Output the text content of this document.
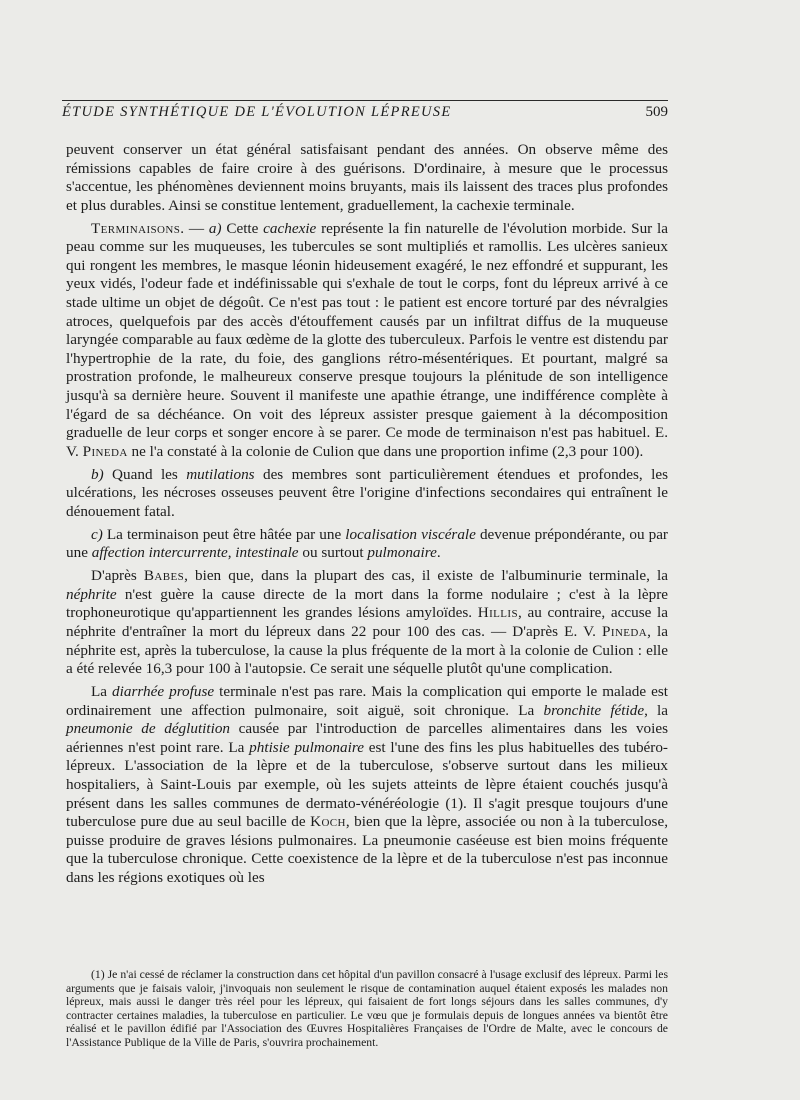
ÉTUDE SYNTHÉTIQUE DE L'ÉVOLUTION LÉPREUSE	509

peuvent conserver un état général satisfaisant pendant des années. On observe même des rémissions capables de faire croire à des guérisons. D'ordinaire, à mesure que le processus s'accentue, les phénomènes deviennent moins bruyants, mais ils laissent des traces plus profondes et plus durables. Ainsi se constitue lentement, graduellement, la cachexie terminale.

Terminaisons. — a) Cette cachexie représente la fin naturelle de l'évolution morbide. Sur la peau comme sur les muqueuses, les tubercules se sont multipliés et ramollis. Les ulcères sanieux qui rongent les membres, le masque léonin hideusement exagéré, le nez effondré et suppurant, les yeux vidés, l'odeur fade et indéfinissable qui s'exhale de tout le corps, font du lépreux arrivé à ce stade ultime un objet de dégoût. Ce n'est pas tout : le patient est encore torturé par des névralgies atroces, quelquefois par des accès d'étouffement causés par un infiltrat diffus de la muqueuse laryngée comparable au faux œdème de la glotte des tuberculeux. Parfois le ventre est distendu par l'hypertrophie de la rate, du foie, des ganglions rétro-mésentériques. Et pourtant, malgré sa prostration profonde, le malheureux conserve presque toujours la plénitude de son intelligence jusqu'à sa dernière heure. Souvent il manifeste une apathie étrange, une indifférence complète à l'égard de sa déchéance. On voit des lépreux assister presque gaiement à la décomposition graduelle de leur corps et songer encore à se parer. Ce mode de terminaison n'est pas habituel. E. V. Pineda ne l'a constaté à la colonie de Culion que dans une proportion infime (2,3 pour 100).

b) Quand les mutilations des membres sont particulièrement étendues et profondes, les ulcérations, les nécroses osseuses peuvent être l'origine d'infections secondaires qui entraînent le dénouement fatal.

c) La terminaison peut être hâtée par une localisation viscérale devenue prépondérante, ou par une affection intercurrente, intestinale ou surtout pulmonaire.

D'après Babes, bien que, dans la plupart des cas, il existe de l'albuminurie terminale, la néphrite n'est guère la cause directe de la mort dans la forme nodulaire ; c'est à la lèpre trophoneurotique qu'appartiennent les grandes lésions amyloïdes. Hillis, au contraire, accuse la néphrite d'entraîner la mort du lépreux dans 22 pour 100 des cas. — D'après E. V. Pineda, la néphrite est, après la tuberculose, la cause la plus fréquente de la mort à la colonie de Culion : elle a été relevée 16,3 pour 100 à l'autopsie. Ce serait une séquelle plutôt qu'une complication.

La diarrhée profuse terminale n'est pas rare. Mais la complication qui emporte le malade est ordinairement une affection pulmonaire, soit aiguë, soit chronique. La bronchite fétide, la pneumonie de déglutition causée par l'introduction de parcelles alimentaires dans les voies aériennes n'est point rare. La phtisie pulmonaire est l'une des fins les plus habituelles des tubéro-lépreux. L'association de la lèpre et de la tuberculose, s'observe surtout dans les milieux hospitaliers, à Saint-Louis par exemple, où les sujets atteints de lèpre étaient couchés jusqu'à présent dans les salles communes de dermato-vénéréologie (1). Il s'agit presque toujours d'une tuberculose pure due au seul bacille de Koch, bien que la lèpre, associée ou non à la tuberculose, puisse produire de graves lésions pulmonaires. La pneumonie caséeuse est bien moins fréquente que la tuberculose chronique. Cette coexistence de la lèpre et de la tuberculose n'est pas inconnue dans les régions exotiques où les

(1) Je n'ai cessé de réclamer la construction dans cet hôpital d'un pavillon consacré à l'usage exclusif des lépreux. Parmi les arguments que je faisais valoir, j'invoquais non seulement le risque de contamination auquel étaient exposés les malades non lépreux, mais aussi le danger très réel pour les lépreux, qui faisaient de fort longs séjours dans les salles communes, d'y contracter certaines maladies, la tuberculose en particulier. Le vœu que je formulais depuis de longues années va bientôt être réalisé et le pavillon édifié par l'Association des Œuvres Hospitalières Françaises de l'Ordre de Malte, avec le concours de l'Assistance Publique de la Ville de Paris, s'ouvrira prochainement.
